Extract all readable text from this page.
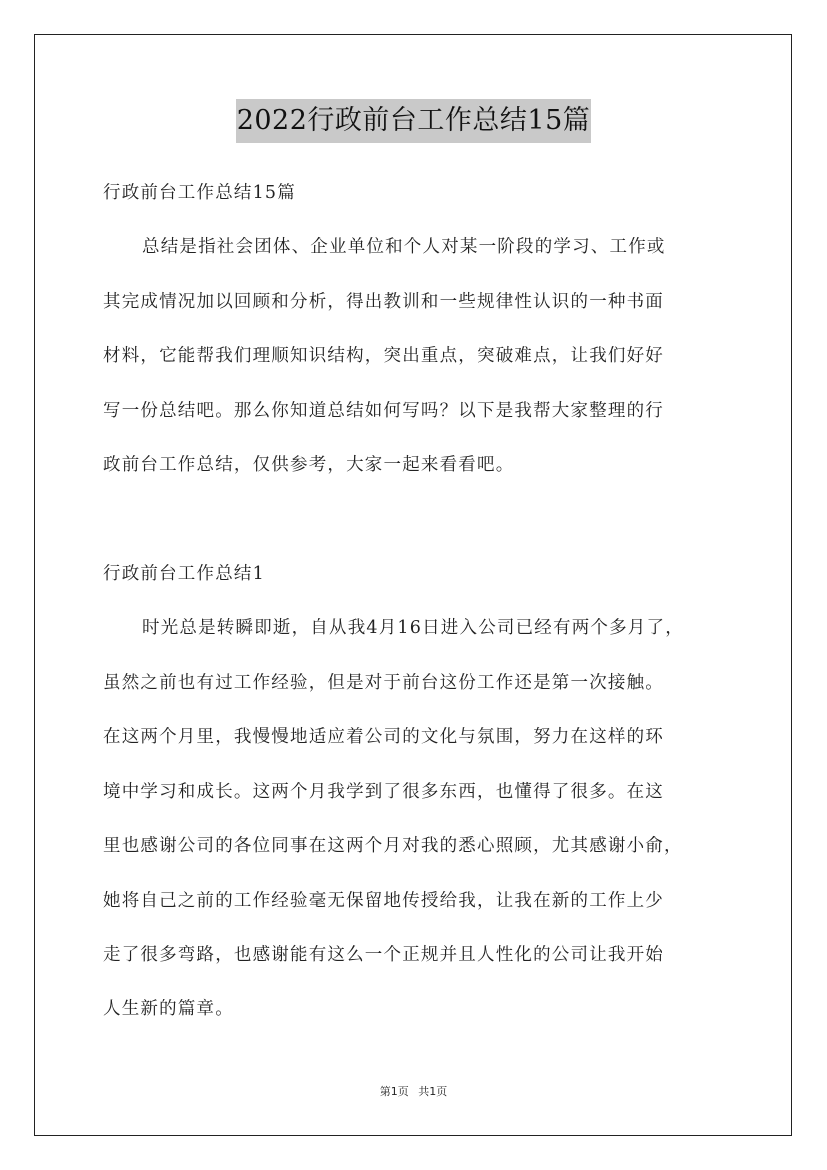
2022行政前台工作总结15篇
行政前台工作总结15篇
总结是指社会团体、企业单位和个人对某一阶段的学习、工作或
其完成情况加以回顾和分析，得出教训和一些规律性认识的一种书面
材料，它能帮我们理顺知识结构，突出重点，突破难点，让我们好好
写一份总结吧。那么你知道总结如何写吗？以下是我帮大家整理的行
政前台工作总结，仅供参考，大家一起来看看吧。
行政前台工作总结1
时光总是转瞬即逝，自从我4月16日进入公司已经有两个多月了，
虽然之前也有过工作经验，但是对于前台这份工作还是第一次接触。
在这两个月里，我慢慢地适应着公司的文化与氛围，努力在这样的环
境中学习和成长。这两个月我学到了很多东西，也懂得了很多。在这
里也感谢公司的各位同事在这两个月对我的悉心照顾，尤其感谢小俞，
她将自己之前的工作经验毫无保留地传授给我，让我在新的工作上少
走了很多弯路，也感谢能有这么一个正规并且人性化的公司让我开始
人生新的篇章。
第1页 共1页
